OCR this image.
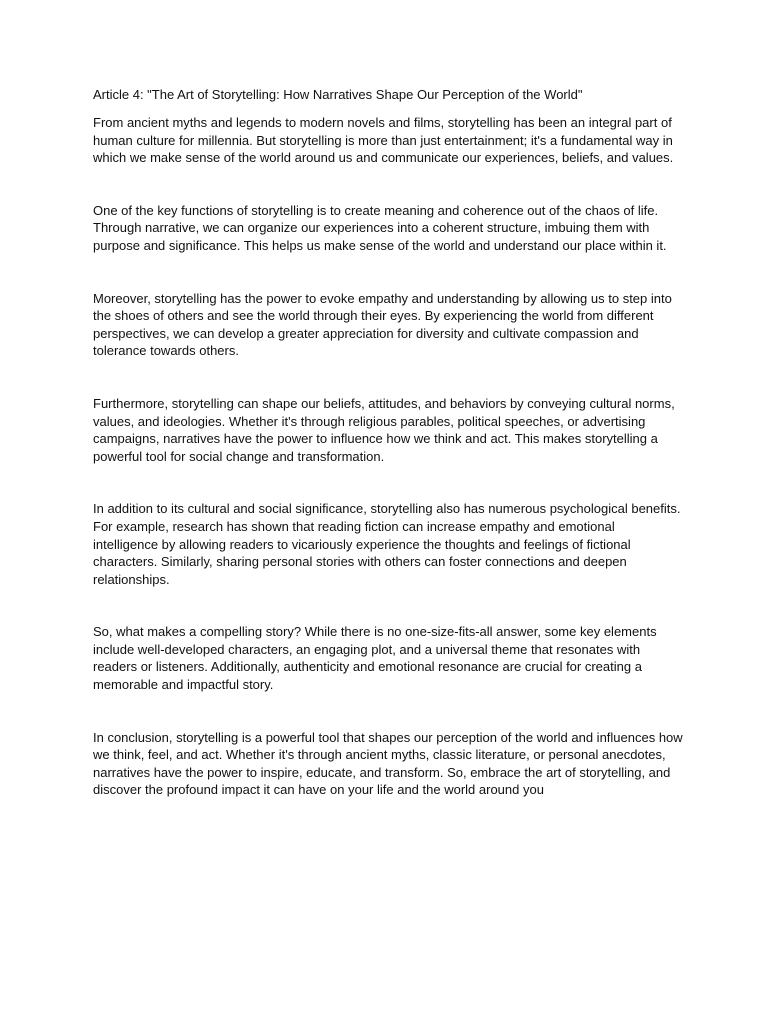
Article 4: "The Art of Storytelling: How Narratives Shape Our Perception of the World"

From ancient myths and legends to modern novels and films, storytelling has been an integral part of human culture for millennia. But storytelling is more than just entertainment; it's a fundamental way in which we make sense of the world around us and communicate our experiences, beliefs, and values.

One of the key functions of storytelling is to create meaning and coherence out of the chaos of life. Through narrative, we can organize our experiences into a coherent structure, imbuing them with purpose and significance. This helps us make sense of the world and understand our place within it.

Moreover, storytelling has the power to evoke empathy and understanding by allowing us to step into the shoes of others and see the world through their eyes. By experiencing the world from different perspectives, we can develop a greater appreciation for diversity and cultivate compassion and tolerance towards others.

Furthermore, storytelling can shape our beliefs, attitudes, and behaviors by conveying cultural norms, values, and ideologies. Whether it's through religious parables, political speeches, or advertising campaigns, narratives have the power to influence how we think and act. This makes storytelling a powerful tool for social change and transformation.

In addition to its cultural and social significance, storytelling also has numerous psychological benefits. For example, research has shown that reading fiction can increase empathy and emotional intelligence by allowing readers to vicariously experience the thoughts and feelings of fictional characters. Similarly, sharing personal stories with others can foster connections and deepen relationships.

So, what makes a compelling story? While there is no one-size-fits-all answer, some key elements include well-developed characters, an engaging plot, and a universal theme that resonates with readers or listeners. Additionally, authenticity and emotional resonance are crucial for creating a memorable and impactful story.

In conclusion, storytelling is a powerful tool that shapes our perception of the world and influences how we think, feel, and act. Whether it's through ancient myths, classic literature, or personal anecdotes, narratives have the power to inspire, educate, and transform. So, embrace the art of storytelling, and discover the profound impact it can have on your life and the world around you
